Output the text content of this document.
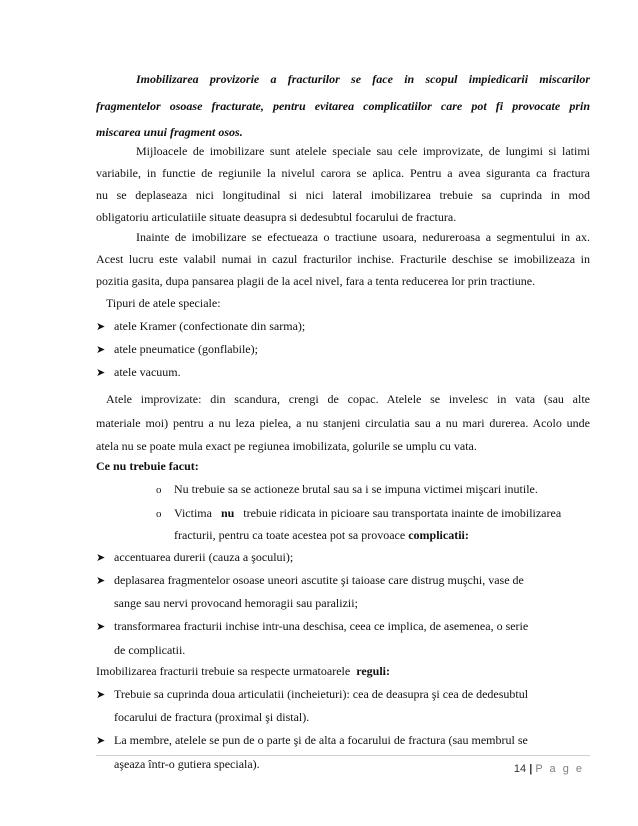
Imobilizarea provizorie a fracturilor se face in scopul impiedicarii miscarilor
fragmentelor osoase fracturate, pentru evitarea complicatiilor care pot fi provocate prin
miscarea unui fragment osos.
Mijloacele de imobilizare sunt atelele speciale sau cele improvizate, de lungimi si latimi
variabile, in functie de regiunile la nivelul carora se aplica. Pentru a avea siguranta ca fractura
nu se deplaseaza nici longitudinal si nici lateral imobilizarea trebuie sa cuprinda in mod
obligatoriu articulatiile situate deasupra si dedesubtul focarului de fractura.
Inainte de imobilizare se efectueaza o tractiune usoara, nedureroasa a segmentului in ax.
Acest lucru este valabil numai in cazul fracturilor inchise. Fracturile deschise se imobilizeaza in
pozitia gasita, dupa pansarea plagii de la acel nivel, fara a tenta reducerea lor prin tractiune.
Tipuri de atele speciale:
➤ atele Kramer (confectionate din sarma);
➤ atele pneumatice (gonflabile);
➤ atele vacuum.
Atele improvizate: din scandura, crengi de copac. Atelele se invelesc in vata (sau alte
materiale moi) pentru a nu leza pielea, a nu stanjeni circulatia sau a nu mari durerea. Acolo unde
atela nu se poate mula exact pe regiunea imobilizata, golurile se umplu cu vata.
Ce nu trebuie facut:
o Nu trebuie sa se actioneze brutal sau sa i se impuna victimei mişcari inutile.
o Victima nu trebuie ridicata in picioare sau transportata inainte de imobilizarea
fracturii, pentru ca toate acestea pot sa provoace complicatii:
➤ accentuarea durerii (cauza a şocului);
➤ deplasarea fragmentelor osoase uneori ascutite şi taioase care distrug muşchi, vase de
sange sau nervi provocand hemoragii sau paralizii;
➤ transformarea fracturii inchise intr-una deschisa, ceea ce implica, de asemenea, o serie
de complicatii.
Imobilizarea fracturii trebuie sa respecte urmatoarele reguli:
➤ Trebuie sa cuprinda doua articulatii (incheieturi): cea de deasupra şi cea de dedesubtul
focarului de fractura (proximal şi distal).
➤ La membre, atelele se pun de o parte şi de alta a focarului de fractura (sau membrul se
aşeaza într-o gutiera speciala).	14 | P a g e
